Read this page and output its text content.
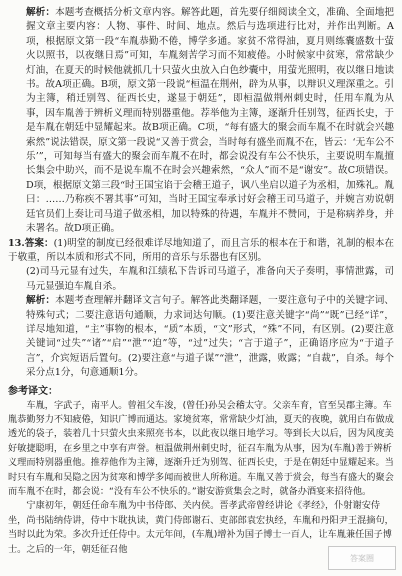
解析：本题考查概括分析文章内容。解答此题，首先要仔细阅读全文，准确、全面地把握文章主要内容：人物、事件、时间、地点。然后与选项进行比对，并作出判断。A项，根据原文第一段“车胤恭勤不倦，博学多通。家贫不常得油，夏月则练囊盛数十萤火以照书，以夜继日焉”可知，车胤刻苦学习而不知疲倦。小时候家中贫寒，常常缺少灯油，在夏天的时候他就抓几十只萤火虫放入白色纱囊中，用萤光照明，夜以继日地读书。故A项正确。B项，原文第一段说“桓温在荆州，辟为从事，以辩识义理深重之。引为主簿，稍迁别驾、征西长史，遂显于朝廷”，即桓温做荆州刺史时，任用车胤为从事，因车胤善于辨析义理而特别器重他。荐举他为主簿，逐渐升任别驾，征西长史，于是车胤在朝廷中显耀起来。故B项正确。C项，“每有盛大的聚会而车胤不在时就会兴趣索然”说法错误，原文第一段说“又善于赏会，当时每有盛坐而胤不在，皆云：‘无车公不乐’”，可知每当有盛大的聚会而车胤不在时，都会说没有车公不快乐，主要说明车胤擅长集会中助兴，而不是说车胤不在时会兴趣索然，“众人”而不是“谢安”。故C项错误。D项，根据原文第三段“时王国宝谄于会稽王道子，讽八坐启以道子为丞相，加殊礼。胤曰：……乃称疾不署其事”可知，当时王国宝奉承讨好会稽王司马道子，并婉言劝说朝廷官员们上奏让司马道子做丞相，加以特殊的待遇，车胤并不赞同，于是称病养身，并未署名。故D项正确。
13.答案：(1)明堂的制度已经很难详尽地知道了，而且言乐的根本在于和谐，礼制的根本在于敬重，所以本质和形式不同，所用的音乐与乐器也有区别。
(2)司马元显有过失，车胤和江绩私下告诉司马道子，准备向天子奏明，事情泄露，司马元显强迫车胤自杀。
解析：本题考查理解并翻译文言句子。解答此类翻译题，一要注意句子中的关键字词、特殊句式；二要注意语句通顺，力求词达句顺。(1)要注意关键字“尚”“既”已经“详”，详尽地知道，“主”事物的根本，“质”本质，“文”形式，“殊”不同，有区别。(2)要注意关键词“过失”“诸”“启”“泄”“迫”等，“过”过失；“言于道子”，正确语序应为“于道子言”，介宾短语后置句。(2)要注意“与道子谋”“泄”，泄露，败露；“自裁”，自杀。每个采分点1分，句意通顺1分。
参考译文：

车胤，字武子，南平人。曾祖父车浚，(曾任)孙吴会稽太守。父亲车育，官至吴郡主簿。车胤恭勤努力不知疲倦，知识广博而通达。家境贫寒，常常缺少灯油，夏天的夜晚，就用白布做成透光的袋子，装着几十只萤火虫来照亮书本，以此夜以继日地学习。等到长大以后，因为风度美好敏捷聪明，在乡里之中享有声誉。桓温做荆州刺史时，征召车胤为从事，因为(车胤)善于辨析义理而特别器重他。推荐他作为主簿，逐渐升迁为别驾、征西长史，于是在朝廷中显耀起来。当时只有车胤和吴隐之因为贫寒和博学多闻而被世人所称道。车胤又善于赏会，每当有盛大的聚会而车胤不在时，都会说：“没有车公不快乐的。”谢安游赏集会之时，就备办酒宴来招待他。

宁康初年，朝廷任命车胤为中书侍郎、关内侯。晋孝武帝曾经讲论《孝经》，仆射谢安侍坐，尚书陆纳侍讲，侍中卞耽执读，黄门侍郎谢石、吏部郎袁宏执经，车胤和丹阳尹王混摘句，当时以此为荣。多次升迁任侍中。太元年间，(车胤)增补为国子博士一百人，让车胤兼任国子博士。之后的一年，朝廷征召他

答案圈
